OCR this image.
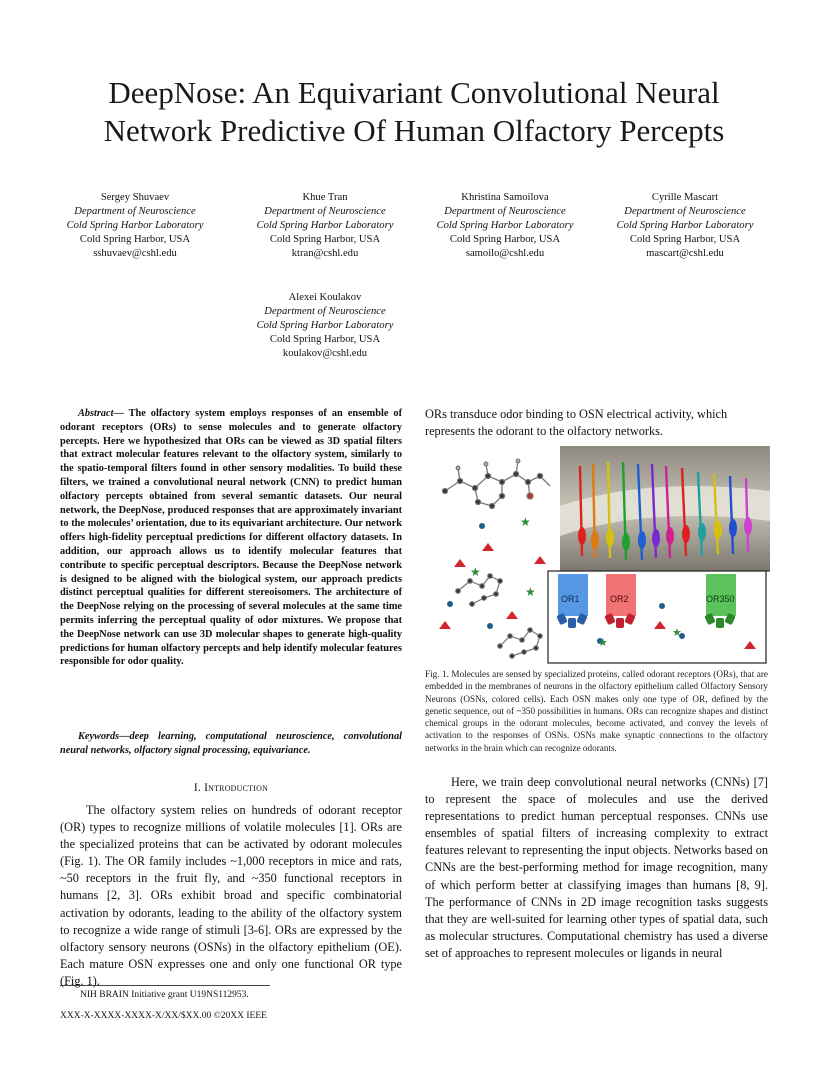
DeepNose: An Equivariant Convolutional Neural
Network Predictive Of Human Olfactory Percepts
Sergey Shuvaev
Department of Neuroscience
Cold Spring Harbor Laboratory
Cold Spring Harbor, USA
sshuvaev@cshl.edu
Khue Tran
Department of Neuroscience
Cold Spring Harbor Laboratory
Cold Spring Harbor, USA
ktran@cshl.edu
Khristina Samoilova
Department of Neuroscience
Cold Spring Harbor Laboratory
Cold Spring Harbor, USA
samoilo@cshl.edu
Cyrille Mascart
Department of Neuroscience
Cold Spring Harbor Laboratory
Cold Spring Harbor, USA
mascart@cshl.edu
Alexei Koulakov
Department of Neuroscience
Cold Spring Harbor Laboratory
Cold Spring Harbor, USA
koulakov@cshl.edu
Abstract— The olfactory system employs responses of an ensemble of odorant receptors (ORs) to sense molecules and to generate olfactory percepts. Here we hypothesized that ORs can be viewed as 3D spatial filters that extract molecular features relevant to the olfactory system, similarly to the spatio-temporal filters found in other sensory modalities. To build these filters, we trained a convolutional neural network (CNN) to predict human olfactory percepts obtained from several semantic datasets. Our neural network, the DeepNose, produced responses that are approximately invariant to the molecules’ orientation, due to its equivariant architecture. Our network offers high-fidelity perceptual predictions for different olfactory datasets. In addition, our approach allows us to identify molecular features that contribute to specific perceptual descriptors. Because the DeepNose network is designed to be aligned with the biological system, our approach predicts distinct perceptual qualities for different stereoisomers. The architecture of the DeepNose relying on the processing of several molecules at the same time permits inferring the perceptual quality of odor mixtures. We propose that the DeepNose network can use 3D molecular shapes to generate high-quality predictions for human olfactory percepts and help identify molecular features responsible for odor quality.
Keywords—deep learning, computational neuroscience, convolutional neural networks, olfactory signal processing, equivariance.
I. Introduction
The olfactory system relies on hundreds of odorant receptor (OR) types to recognize millions of volatile molecules [1]. ORs are the specialized proteins that can be activated by odorant molecules (Fig. 1). The OR family includes ~1,000 receptors in mice and rats, ~50 receptors in the fruit fly, and ~350 functional receptors in humans [2, 3]. ORs exhibit broad and specific combinatorial activation by odorants, leading to the ability of the olfactory system to recognize a wide range of stimuli [3-6]. ORs are expressed by the olfactory sensory neurons (OSNs) in the olfactory epithelium (OE). Each mature OSN expresses one and only one functional OR type (Fig. 1).
NIH BRAIN Initiative grant U19NS112953.
XXX-X-XXXX-XXXX-X/XX/$XX.00 ©20XX IEEE
ORs transduce odor binding to OSN electrical activity, which represents the odorant to the olfactory networks.
★
★
★
★
★
OR1	OR2	OR350
Fig. 1. Molecules are sensed by specialized proteins, called odorant receptors (ORs), that are embedded in the membranes of neurons in the olfactory epithelium called Olfactory Sensory Neurons (OSNs, colored cells). Each OSN makes only one type of OR, defined by the genetic sequence, out of ~350 possibilities in humans. ORs can recognize shapes and distinct chemical groups in the odorant molecules, become activated, and convey the levels of activation to the responses of OSNs. OSNs make synaptic connections to the olfactory networks in the brain which can recognize odorants.
Here, we train deep convolutional neural networks (CNNs) [7] to represent the space of molecules and use the derived representations to predict human perceptual responses. CNNs use ensembles of spatial filters of increasing complexity to extract features relevant to representing the input objects. Networks based on CNNs are the best-performing method for image recognition, many of which perform better at classifying images than humans [8, 9]. The performance of CNNs in 2D image recognition tasks suggests that they are well-suited for learning other types of spatial data, such as molecular structures. Computational chemistry has used a diverse set of approaches to represent molecules or ligands in neural
